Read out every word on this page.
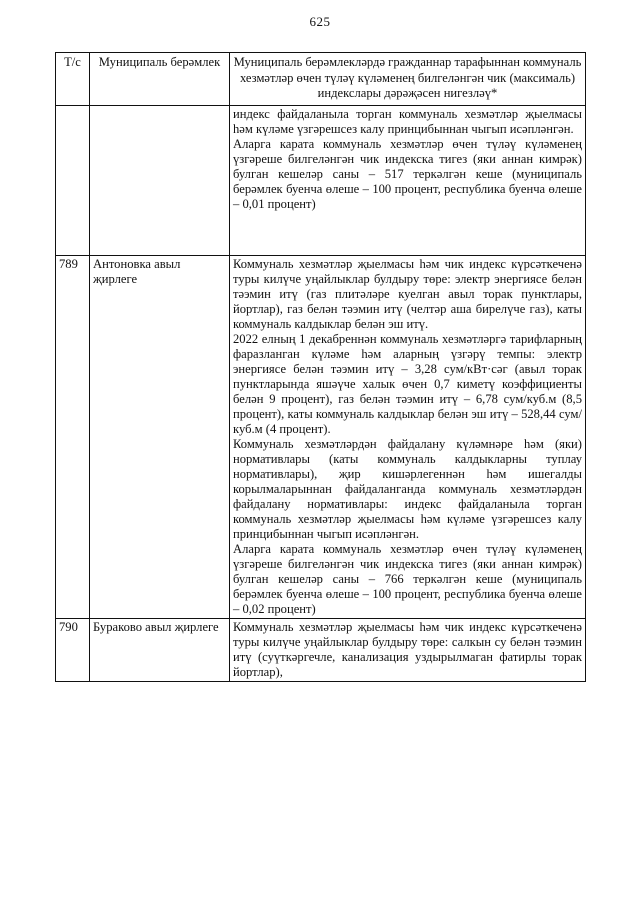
625
Т/с	Муниципаль берәмлек	Муниципаль берәмлекләрдә гражданнар тарафыннан коммуналь хезмәтләр өчен түләү күләменең билгеләнгән чик (максималь) индекслары дәрәҗәсен нигезләү*

		индекс файдаланыла торган коммуналь хезмәтләр җыелмасы һәм күләме үзгәрешсез калу принцибыннан чыгып исәпләнгән.

Аларга карата коммуналь хезмәтләр өчен түләү күләменең үзгәреше билгеләнгән чик индекска тигез (яки аннан кимрәк) булган кешеләр саны – 517 теркәлгән кеше (муниципаль берәмлек буенча өлеше – 100 процент, республика буенча өлеше – 0,01 процент)

789	Антоновка авыл җирлеге	Коммуналь хезмәтләр җыелмасы һәм чик индекс күрсәткеченә туры килүче уңайлыклар булдыру төре: электр энергиясе белән тәэмин итү (газ плитәләре куелган авыл торак пунктлары, йортлар), газ белән тәэмин итү (челтәр аша бирелүче газ), каты коммуналь калдыклар белән эш итү.

2022 елның 1 декабреннән коммуналь хезмәтләргә тарифларның фаразланган күләме һәм аларның үзгәрү темпы: электр энергиясе белән тәэмин итү – 3,28 сум/кВт·сәг (авыл торак пунктларында яшәүче халык өчен 0,7 киметү коэффициенты белән 9 процент), газ белән тәэмин итү – 6,78 сум/куб.м (8,5 процент), каты коммуналь калдыклар белән эш итү – 528,44 сум/куб.м (4 процент).

Коммуналь хезмәтләрдән файдалану күләмнәре һәм (яки) нормативлары (каты коммуналь калдыкларны туплау нормативлары), җир кишәрлегеннән һәм ишегалды корылмаларыннан файдаланганда коммуналь хезмәтләрдән файдалану нормативлары: индекс файдаланыла торган коммуналь хезмәтләр җыелмасы һәм күләме үзгәрешсез калу принцибыннан чыгып исәпләнгән.

Аларга карата коммуналь хезмәтләр өчен түләү күләменең үзгәреше билгеләнгән чик индекска тигез (яки аннан кимрәк) булган кешеләр саны – 766 теркәлгән кеше (муниципаль берәмлек буенча өлеше – 100 процент, республика буенча өлеше – 0,02 процент)

790	Бураково авыл җирлеге	Коммуналь хезмәтләр җыелмасы һәм чик индекс күрсәткеченә туры килүче уңайлыклар булдыру төре: салкын су белән тәэмин итү (суүткәргечле, канализация уздырылмаган фатирлы торак йортлар),
